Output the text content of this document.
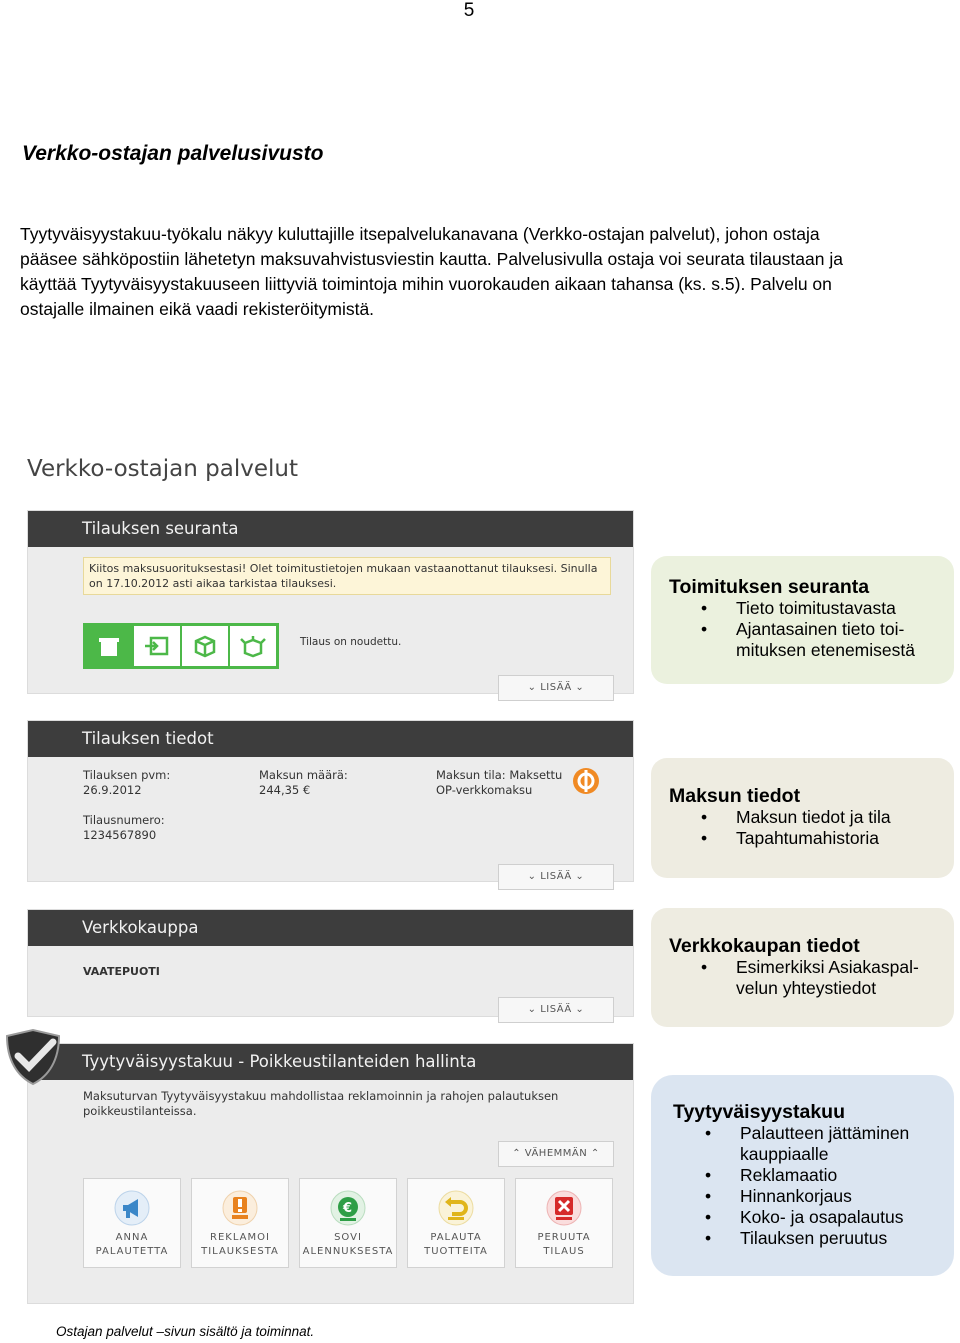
5
Verkko-ostajan palvelusivusto

Tyytyväisyystakuu-työkalu näkyy kuluttajille itsepalvelukanavana (Verkko-ostajan palvelut), johon ostaja

pääsee sähköpostiin lähetetyn maksuvahvistusviestin kautta. Palvelusivulla ostaja voi seurata tilaustaan ja

käyttää Tyytyväisyystakuuseen liittyviä toimintoja mihin vuorokauden aikaan tahansa (ks. s.5). Palvelu on

ostajalle ilmainen eikä vaadi rekisteröitymistä.

Verkko-ostajan palvelut
Tilauksen seuranta
Kiitos maksusuorituksestasi! Olet toimitustietojen mukaan vastaanottanut tilauksesi. Sinulla
on 17.10.2012 asti aikaa tarkistaa tilauksesi.
Tilaus on noudettu.
⌄ LISÄÄ ⌄
Tilauksen tiedot
Tilauksen pvm:
26.9.2012
Maksun määrä:
244,35 €
Maksun tila: Maksettu
OP-verkkomaksu
Tilausnumero:
1234567890
⌄ LISÄÄ ⌄
Verkkokauppa
VAATEPUOTI
⌄ LISÄÄ ⌄
Tyytyväisyystakuu - Poikkeustilanteiden hallinta
Maksuturvan Tyytyväisyystakuu mahdollistaa reklamoinnin ja rahojen palautuksen
poikkeustilanteissa.
⌃ VÄHEMMÄN ⌃
ANNA
PALAUTETTA
REKLAMOI
TILAUKSESTA
€
SOVI
ALENNUKSESTA
PALAUTA
TUOTTEITA
PERUUTA
TILAUS
Toimituksen seuranta
• Tieto toimitustavasta
• Ajantasainen tieto toi-
mituksen etenemisestä
Maksun tiedot
• Maksun tiedot ja tila
• Tapahtumahistoria
Verkkokaupan tiedot
• Esimerkiksi Asiakaspal-
velun yhteystiedot
Tyytyväisyystakuu
• Palautteen jättäminen
kauppiaalle
• Reklamaatio
• Hinnankorjaus
• Koko- ja osapalautus
• Tilauksen peruutus
Ostajan palvelut –sivun sisältö ja toiminnat.
